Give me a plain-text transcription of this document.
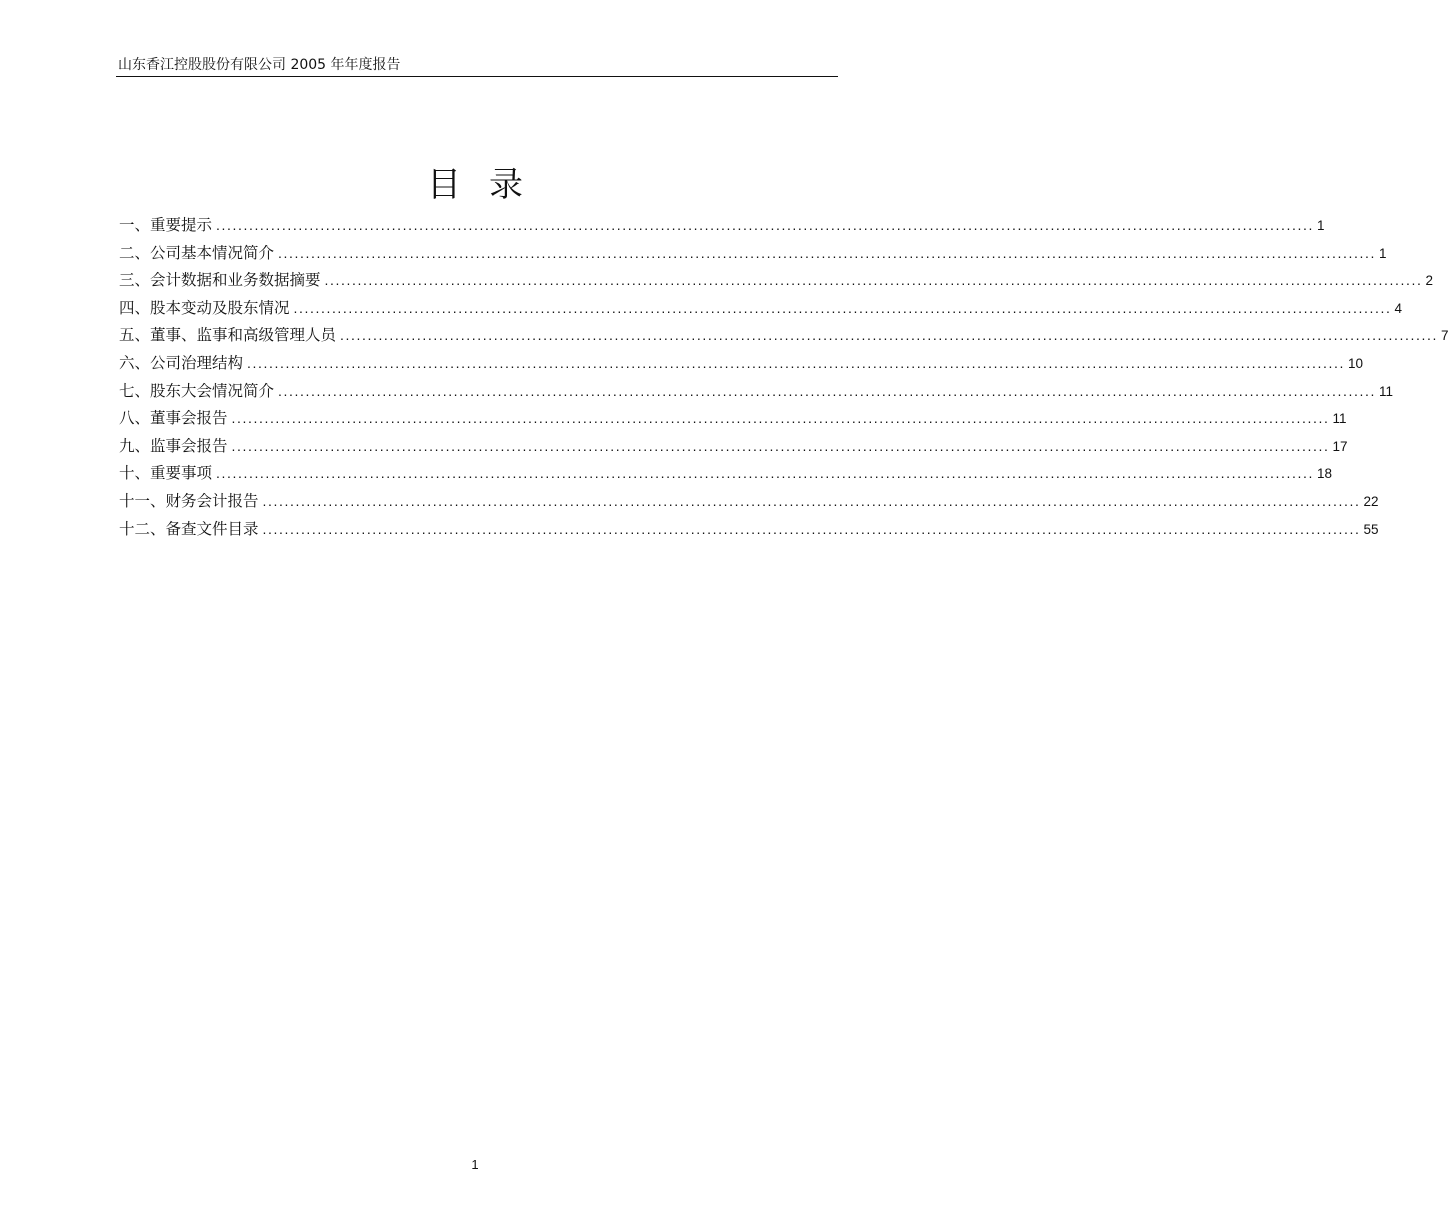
山东香江控股股份有限公司 2005 年年度报告
目录
一、重要提示 ........................................................................................................................................................................................................ 1
二、公司基本情况简介 ........................................................................................................................................................................................................ 1
三、会计数据和业务数据摘要 ........................................................................................................................................................................................................ 2
四、股本变动及股东情况 ........................................................................................................................................................................................................ 4
五、董事、监事和高级管理人员 ........................................................................................................................................................................................................ 7
六、公司治理结构 ........................................................................................................................................................................................................ 10
七、股东大会情况简介 ........................................................................................................................................................................................................ 11
八、董事会报告 ........................................................................................................................................................................................................ 11
九、监事会报告 ........................................................................................................................................................................................................ 17
十、重要事项 ........................................................................................................................................................................................................ 18
十一、财务会计报告 ........................................................................................................................................................................................................ 22
十二、备查文件目录 ........................................................................................................................................................................................................ 55
1
